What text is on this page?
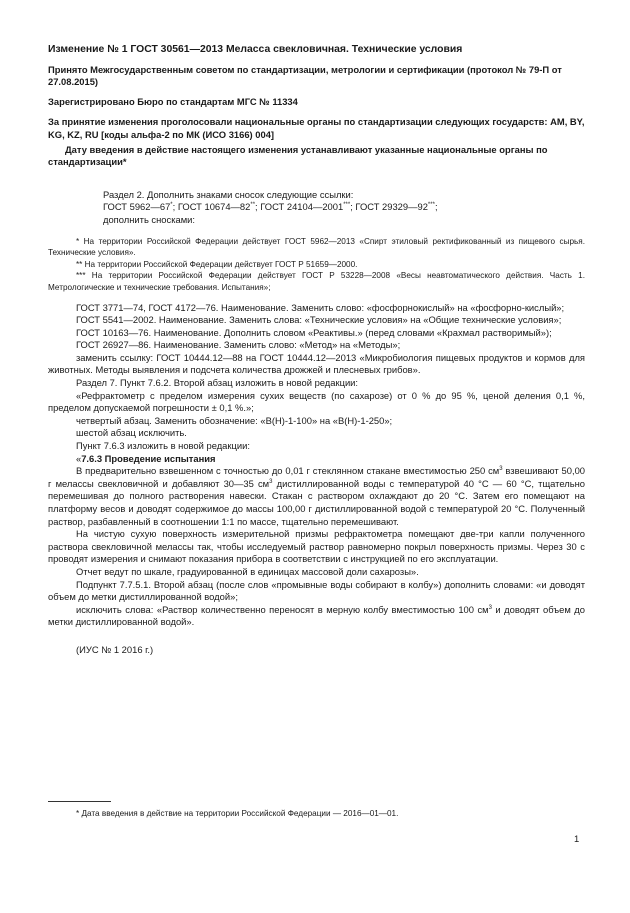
Изменение № 1 ГОСТ 30561—2013 Меласса свекловичная. Технические условия

Принято Межгосударственным советом по стандартизации, метрологии и сертификации (протокол № 79-П от 27.08.2015)

Зарегистрировано Бюро по стандартам МГС № 11334

За принятие изменения проголосовали национальные органы по стандартизации следующих государств: AM, BY, KG, KZ, RU [коды альфа-2 по МК (ИСО 3166) 004]

Дату введения в действие настоящего изменения устанавливают указанные национальные органы по стандартизации*

Раздел 2. Дополнить знаками сносок следующие ссылки:

ГОСТ 5962—67*; ГОСТ 10674—82**; ГОСТ 24104—2001***; ГОСТ 29329—92***;

дополнить сносками:

* На территории Российской Федерации действует ГОСТ 5962—2013 «Спирт этиловый ректификованный из пищевого сырья. Технические условия».

** На территории Российской Федерации действует ГОСТ Р 51659—2000.

*** На территории Российской Федерации действует ГОСТ Р 53228—2008 «Весы неавтоматического действия. Часть 1. Метрологические и технические требования. Испытания»;

ГОСТ 3771—74, ГОСТ 4172—76. Наименование. Заменить слово: «фосфорнокислый» на «фосфорно-кислый»;

ГОСТ 5541—2002. Наименование. Заменить слова: «Технические условия» на «Общие технические условия»;

ГОСТ 10163—76. Наименование. Дополнить словом «Реактивы.» (перед словами «Крахмал растворимый»);

ГОСТ 26927—86. Наименование. Заменить слово: «Метод» на «Методы»;

заменить ссылку: ГОСТ 10444.12—88 на ГОСТ 10444.12—2013 «Микробиология пищевых продуктов и кормов для животных. Методы выявления и подсчета количества дрожжей и плесневых грибов».

Раздел 7. Пункт 7.6.2. Второй абзац изложить в новой редакции:

«Рефрактометр с пределом измерения сухих веществ (по сахарозе) от 0 % до 95 %, ценой деления 0,1 %, пределом допускаемой погрешности ± 0,1 %.»;

четвертый абзац. Заменить обозначение: «В(Н)-1-100» на «В(Н)-1-250»;

шестой абзац исключить.

Пункт 7.6.3 изложить в новой редакции:

«7.6.3 Проведение испытания

В предварительно взвешенном с точностью до 0,01 г стеклянном стакане вместимостью 250 $см^3$ взвешивают 50,00 г мелассы свекловичной и добавляют 30—35 $см^3$ дистиллированной воды с температурой 40 °С — 60 °С, тщательно перемешивая до полного растворения навески. Стакан с раствором охлаждают до 20 °С. Затем его помещают на платформу весов и доводят содержимое до массы 100,00 г дистиллированной водой с температурой 20 °С. Полученный раствор, разбавленный в соотношении 1:1 по массе, тщательно перемешивают.

На чистую сухую поверхность измерительной призмы рефрактометра помещают две-три капли полученного раствора свекловичной мелассы так, чтобы исследуемый раствор равномерно покрыл поверхность призмы. Через 30 с проводят измерения и снимают показания прибора в соответствии с инструкцией по его эксплуатации.

Отчет ведут по шкале, градуированной в единицах массовой доли сахарозы».

Подпункт 7.7.5.1. Второй абзац (после слов «промывные воды собирают в колбу») дополнить словами: «и доводят объем до метки дистиллированной водой»;

исключить слова: «Раствор количественно переносят в мерную колбу вместимостью 100 $см^3$ и доводят объем до метки дистиллированной водой».

(ИУС № 1 2016 г.)

* Дата введения в действие на территории Российской Федерации — 2016—01—01.
1
